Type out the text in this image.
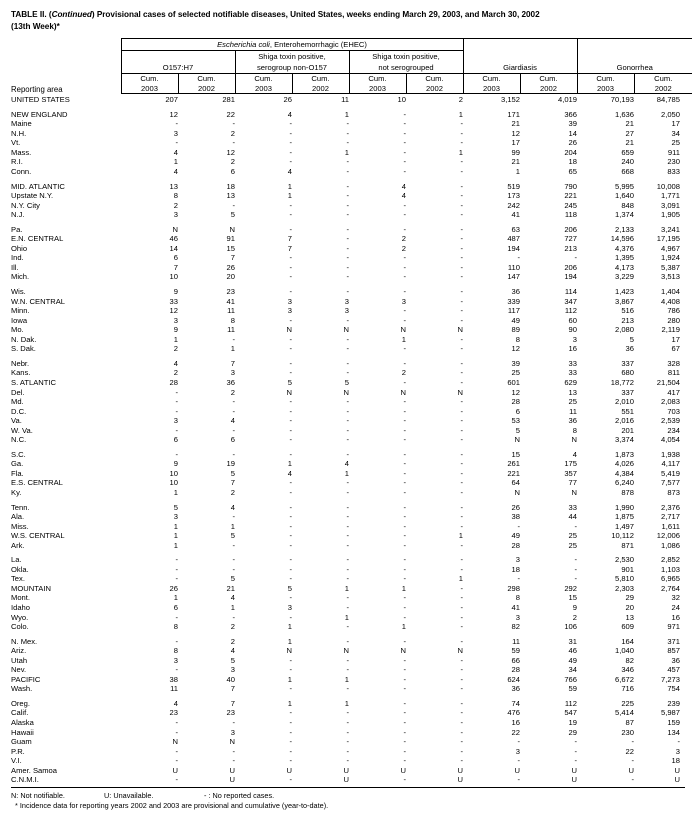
TABLE II. (Continued) Provisional cases of selected notifiable diseases, United States, weeks ending March 29, 2003, and March 30, 2002
(13th Week)*
	Escherichia coli, Enterohemorrhagic (EHEC)									
			Shiga toxin positive,		Shiga toxin positive,					
	O157:H7		serogroup non-O157		not serogrouped		Giardiasis		Gonorrhea	
Reporting area	Cum.	Cum.	Cum.	Cum.	Cum.	Cum.	Cum.	Cum.	Cum.	Cum.
	2003	2002	2003	2002	2003	2002	2003	2002	2003	2002
UNITED STATES	207	281	26	11	10	2	3,152	4,019	70,193	84,785

NEW ENGLAND	12	22	4	1	-	1	171	366	1,636	2,050
Maine	-	-	-	-	-	-	21	39	21	17
N.H.	3	2	-	-	-	-	12	14	27	34
Vt.	-	-	-	-	-	-	17	26	21	25
Mass.	4	12	-	1	-	1	99	204	659	911
R.I.	1	2	-	-	-	-	21	18	240	230
Conn.	4	6	4	-	-	-	1	65	668	833

MID. ATLANTIC	13	18	1	-	4	-	519	790	5,995	10,008
Upstate N.Y.	8	13	1	-	4	-	173	221	1,640	1,771
N.Y. City	2	-	-	-	-	-	242	245	848	3,091
N.J.	3	5	-	-	-	-	41	118	1,374	1,905

Pa.	N	N	-	-	-	-	63	206	2,133	3,241
E.N. CENTRAL	46	91	7	-	2	-	487	727	14,596	17,195
Ohio	14	15	7	-	2	-	194	213	4,376	4,967
Ind.	6	7	-	-	-	-	-	-	1,395	1,924
Ill.	7	26	-	-	-	-	110	206	4,173	5,387
Mich.	10	20	-	-	-	-	147	194	3,229	3,513

Wis.	9	23	-	-	-	-	36	114	1,423	1,404
W.N. CENTRAL	33	41	3	3	3	-	339	347	3,867	4,408
Minn.	12	11	3	3	-	-	117	112	516	786
Iowa	3	8	-	-	-	-	49	60	213	280
Mo.	9	11	N	N	N	N	89	90	2,080	2,119
N. Dak.	1	-	-	-	1	-	8	3	5	17
S. Dak.	2	1	-	-	-	-	12	16	36	67

Nebr.	4	7	-	-	-	-	39	33	337	328
Kans.	2	3	-	-	2	-	25	33	680	811
S. ATLANTIC	28	36	5	5	-	-	601	629	18,772	21,504
Del.	-	2	N	N	N	N	12	13	337	417
Md.	-	-	-	-	-	-	28	25	2,010	2,083
D.C.	-	-	-	-	-	-	6	11	551	703
Va.	3	4	-	-	-	-	53	36	2,016	2,539
W. Va.	-	-	-	-	-	-	5	8	201	234
N.C.	6	6	-	-	-	-	N	N	3,374	4,054

S.C.	-	-	-	-	-	-	15	4	1,873	1,938
Ga.	9	19	1	4	-	-	261	175	4,026	4,117
Fla.	10	5	4	1	-	-	221	357	4,384	5,419
E.S. CENTRAL	10	7	-	-	-	-	64	77	6,240	7,577
Ky.	1	2	-	-	-	-	N	N	878	873

Tenn.	5	4	-	-	-	-	26	33	1,990	2,376
Ala.	3	-	-	-	-	-	38	44	1,875	2,717
Miss.	1	1	-	-	-	-	-	-	1,497	1,611
W.S. CENTRAL	1	5	-	-	-	1	49	25	10,112	12,006
Ark.	1	-	-	-	-	-	28	25	871	1,086

La.	-	-	-	-	-	-	3	-	2,530	2,852
Okla.	-	-	-	-	-	-	18	-	901	1,103
Tex.	-	5	-	-	-	1	-	-	5,810	6,965
MOUNTAIN	26	21	5	1	1	-	298	292	2,303	2,764
Mont.	1	4	-	-	-	-	8	15	29	32
Idaho	6	1	3	-	-	-	41	9	20	24
Wyo.	-	-	-	1	-	-	3	2	13	16
Colo.	8	2	1	-	1	-	82	106	609	971

N. Mex.	-	2	1	-	-	-	11	31	164	371
Ariz.	8	4	N	N	N	N	59	46	1,040	857
Utah	3	5	-	-	-	-	66	49	82	36
Nev.	-	3	-	-	-	-	28	34	346	457
PACIFIC	38	40	1	1	-	-	624	766	6,672	7,273
Wash.	11	7	-	-	-	-	36	59	716	754

Oreg.	4	7	1	1	-	-	74	112	225	239
Calif.	23	23	-	-	-	-	476	547	5,414	5,987
Alaska	-	-	-	-	-	-	16	19	87	159
Hawaii	-	3	-	-	-	-	22	29	230	134
Guam	N	N	-	-	-	-	-	-	-	-
P.R.	-	-	-	-	-	-	3	-	22	3
V.I.	-	-	-	-	-	-	-	-	-	18
Amer. Samoa	U	U	U	U	U	U	U	U	U	U
C.N.M.I.	-	U	-	U	-	U	-	U	-	U
N: Not notifiable.	U: Unavailable.	- : No reported cases.
* Incidence data for reporting years 2002 and 2003 are provisional and cumulative (year-to-date).
